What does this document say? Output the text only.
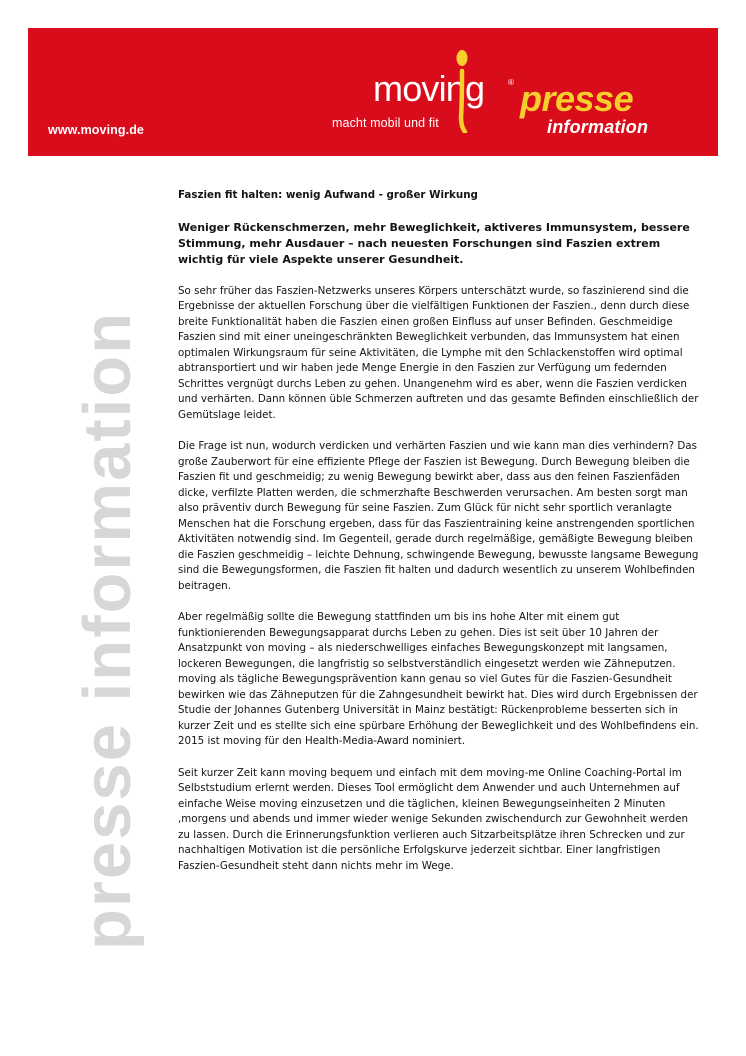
www.moving.de
moving	®
macht mobil und fit
presse
information
presse information

Faszien fit halten: wenig Aufwand - großer Wirkung

Weniger Rückenschmerzen, mehr Beweglichkeit, aktiveres Immunsystem, bessere Stimmung, mehr Ausdauer – nach neuesten Forschungen sind Faszien extrem wichtig für viele Aspekte unserer Gesundheit.

So sehr früher das Faszien-Netzwerks unseres Körpers unterschätzt wurde, so faszinierend sind die Ergebnisse der aktuellen Forschung über die vielfältigen Funktionen der Faszien., denn durch diese breite Funktionalität haben die Faszien einen großen Einfluss auf unser Befinden. Geschmeidige Faszien sind mit einer uneingeschränkten Beweglichkeit verbunden, das Immunsystem hat einen optimalen Wirkungsraum für seine Aktivitäten, die Lymphe mit den Schlackenstoffen wird optimal abtransportiert und wir haben jede Menge Energie in den Faszien zur Verfügung um federnden Schrittes vergnügt durchs Leben zu gehen. Unangenehm wird es aber, wenn die Faszien verdicken und verhärten. Dann können üble Schmerzen auftreten und das gesamte Befinden einschließlich der Gemütslage leidet.

Die Frage ist nun, wodurch verdicken und verhärten Faszien und wie kann man dies verhindern? Das große Zauberwort für eine effiziente Pflege der Faszien ist Bewegung. Durch Bewegung bleiben die Faszien fit und geschmeidig; zu wenig Bewegung bewirkt aber, dass aus den feinen Faszienfäden dicke, verfilzte Platten werden, die schmerzhafte Beschwerden verursachen. Am besten sorgt man also präventiv durch Bewegung für seine Faszien. Zum Glück für nicht sehr sportlich veranlagte Menschen hat die Forschung ergeben, dass für das Faszientraining keine anstrengenden sportlichen Aktivitäten notwendig sind. Im Gegenteil, gerade durch regelmäßige, gemäßigte Bewegung bleiben die Faszien geschmeidig – leichte Dehnung, schwingende Bewegung, bewusste langsame Bewegung sind die Bewegungsformen, die Faszien fit halten und dadurch wesentlich zu unserem Wohlbefinden beitragen.

Aber regelmäßig sollte die Bewegung stattfinden um bis ins hohe Alter mit einem gut funktionierenden Bewegungsapparat durchs Leben zu gehen. Dies ist seit über 10 Jahren der Ansatzpunkt von moving – als niederschwelliges einfaches Bewegungskonzept mit langsamen, lockeren Bewegungen, die langfristig so selbstverständlich eingesetzt werden wie Zähneputzen. moving als tägliche Bewegungsprävention kann genau so viel Gutes für die Faszien-Gesundheit bewirken wie das Zähneputzen für die Zahngesundheit bewirkt hat. Dies wird durch Ergebnissen der Studie der Johannes Gutenberg Universität in Mainz bestätigt: Rückenprobleme besserten sich in kurzer Zeit und es stellte sich eine spürbare Erhöhung der Beweglichkeit und des Wohlbefindens ein. 2015 ist moving für den Health-Media-Award nominiert.

Seit kurzer Zeit kann moving bequem und einfach mit dem moving-me Online Coaching-Portal im Selbststudium erlernt werden. Dieses Tool ermöglicht dem Anwender und auch Unternehmen auf einfache Weise moving einzusetzen und die täglichen, kleinen Bewegungseinheiten 2 Minuten ,morgens und abends und immer wieder wenige Sekunden zwischendurch zur Gewohnheit werden zu lassen. Durch die Erinnerungsfunktion verlieren auch Sitzarbeitsplätze ihren Schrecken und zur nachhaltigen Motivation ist die persönliche Erfolgskurve jederzeit sichtbar. Einer langfristigen Faszien-Gesundheit steht dann nichts mehr im Wege.
